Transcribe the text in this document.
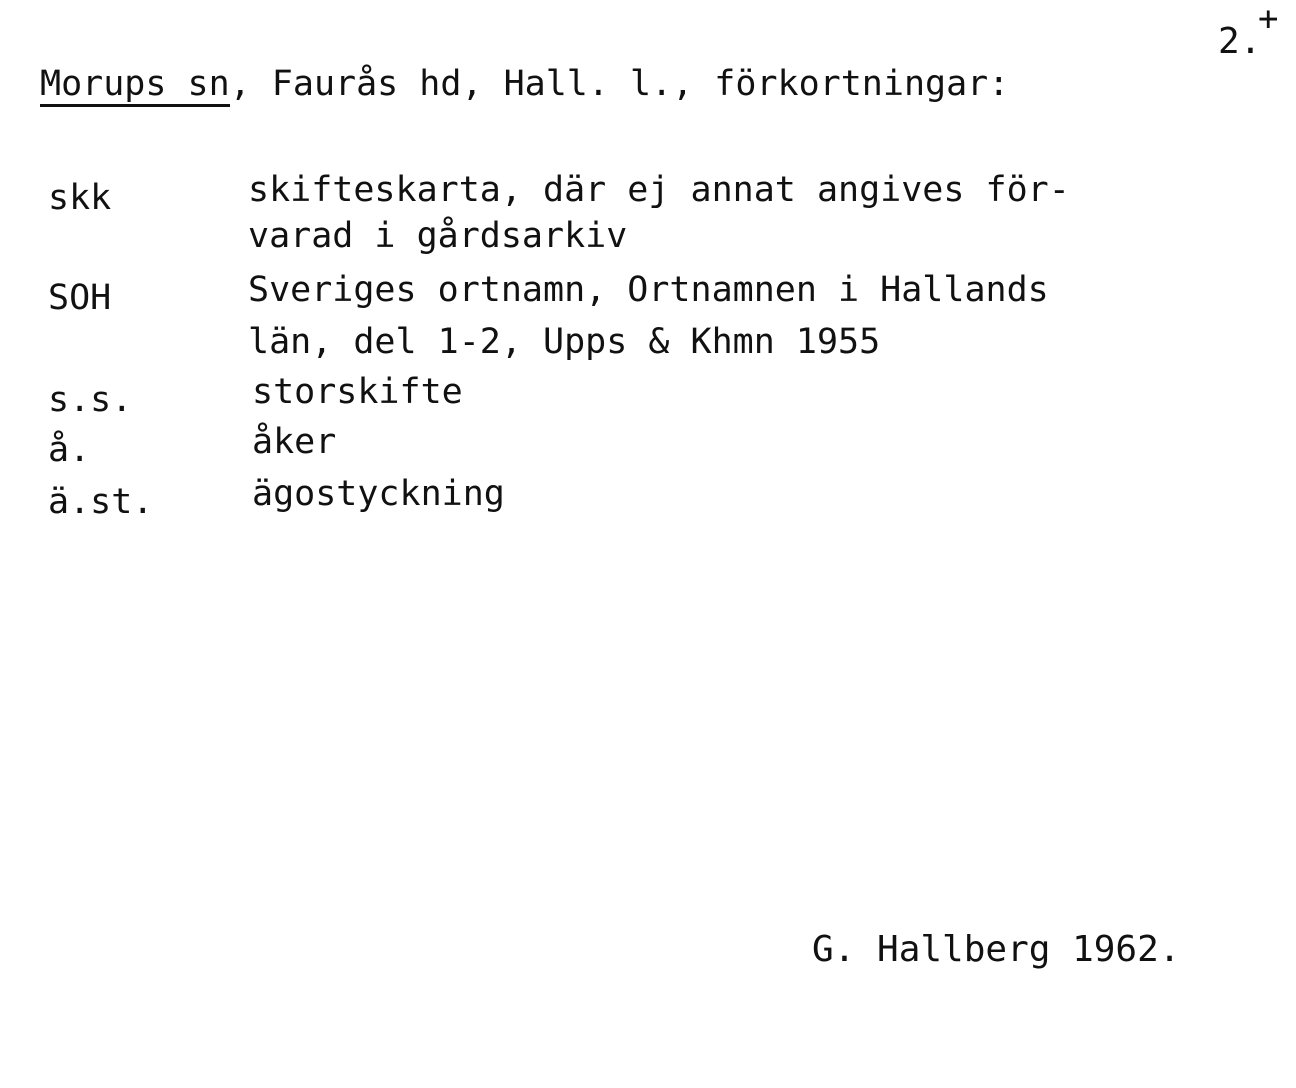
2.
+
Morups sn, Faurås hd, Hall. l., förkortningar:
skk	skifteskarta, där ej annat angives för-
varad i gårdsarkiv
SOH	Sveriges ortnamn, Ortnamnen i Hallands
län, del 1-2, Upps & Khmn 1955
s.s.	storskifte
å.	åker
ä.st.	ägostyckning
G. Hallberg 1962.
